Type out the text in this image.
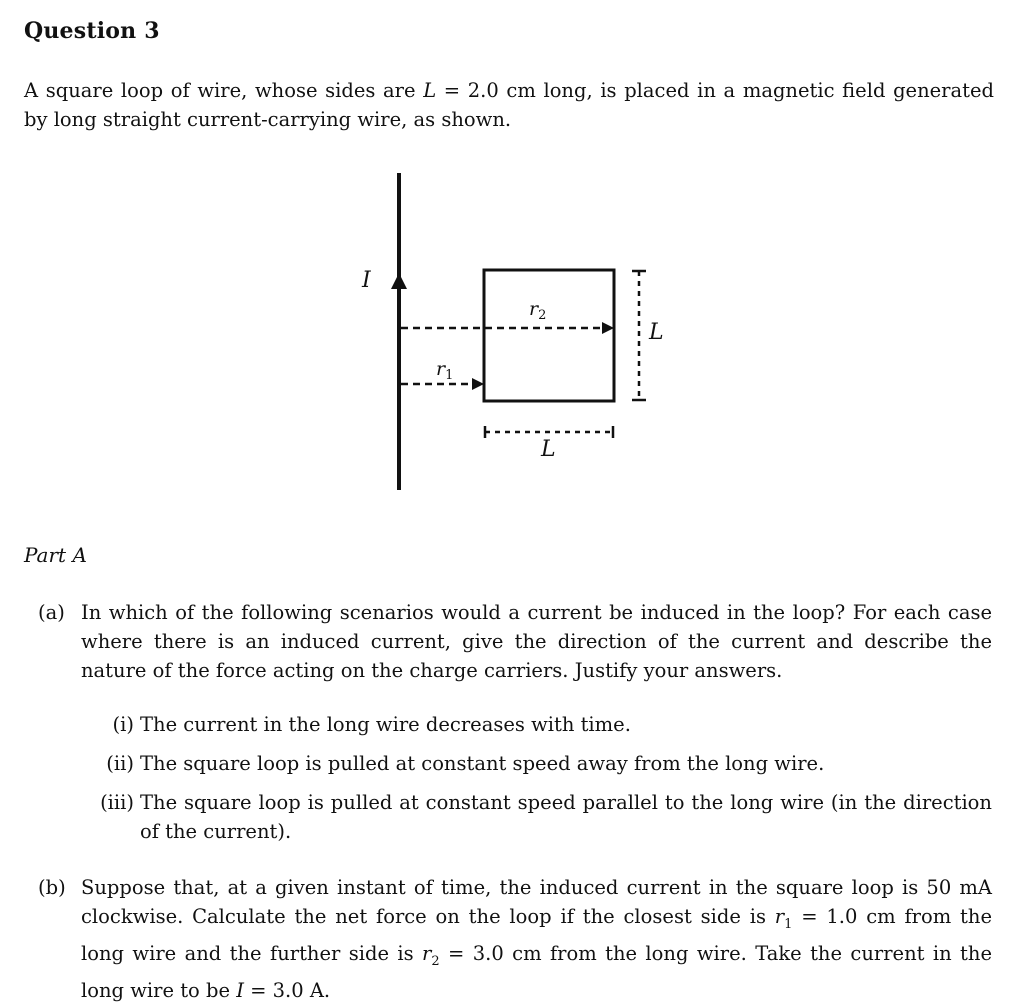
Question 3
A square loop of wire, whose sides are L = 2.0 cm long, is placed in a magnetic field generated by long straight current-carrying wire, as shown.
I
$r_2$
$r_1$
L
L
Part A
(a) In which of the following scenarios would a current be induced in the loop? For each case where there is an induced current, give the direction of the current and describe the nature of the force acting on the charge carriers. Justify your answers.
(i) The current in the long wire decreases with time.
(ii) The square loop is pulled at constant speed away from the long wire.
(iii) The square loop is pulled at constant speed parallel to the long wire (in the direction of the current).
(b) Suppose that, at a given instant of time, the induced current in the square loop is 50 mA clockwise. Calculate the net force on the loop if the closest side is $r_1 = 1.0$ cm from the long wire and the further side is $r_2 = 3.0$ cm from the long wire. Take the current in the long wire to be I = 3.0 A.
